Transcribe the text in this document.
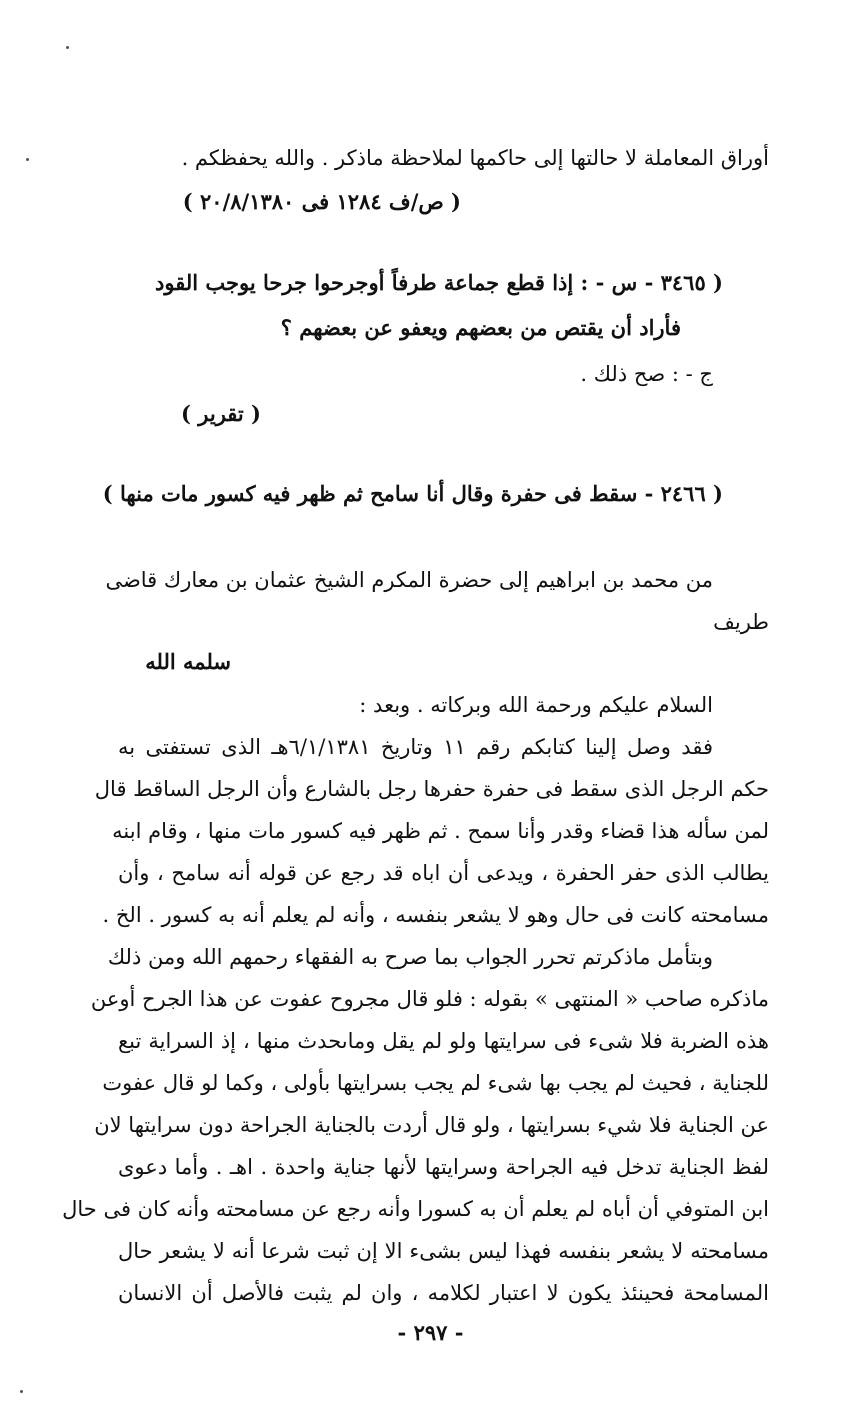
أوراق المعاملة لا حالتها إلى حاكمها لملاحظة ماذكر . والله يحفظكم .
( ص/ف ١٢٨٤ فى ٢٠/٨/١٣٨٠ )
( ٣٤٦٥ - س - : إذا قطع جماعة طرفاً أوجرحوا جرحا يوجب القود
فأراد أن يقتص من بعضهم ويعفو عن بعضهم ؟
ج - : صح ذلك .
( تقرير )
( ٢٤٦٦ - سقط فى حفرة وقال أنا سامح ثم ظهر فيه كسور مات منها )
من محمد بن ابراهيم إلى حضرة المكرم الشيخ عثمان بن معارك قاضى
طريف
سلمه الله
السلام عليكم ورحمة الله وبركاته . وبعد :
فقد وصل إلينا كتابكم رقم ١١ وتاريخ ٦/١/١٣٨١هـ الذى تستفتى به
حكم الرجل الذى سقط فى حفرة حفرها رجل بالشارع وأن الرجل الساقط قال
لمن سأله هذا قضاء وقدر وأنا سمح . ثم ظهر فيه كسور مات منها ، وقام ابنه
يطالب الذى حفر الحفرة ، ويدعى أن اباه قد رجع عن قوله أنه سامح ، وأن
مسامحته كانت فى حال وهو لا يشعر بنفسه ، وأنه لم يعلم أنه به كسور . الخ .
وبتأمل ماذكرتم تحرر الجواب بما صرح به الفقهاء رحمهم الله ومن ذلك
ماذكره صاحب « المنتهى » بقوله : فلو قال مجروح عفوت عن هذا الجرح أوعن
هذه الضربة فلا شىء فى سرايتها ولو لم يقل وماىحدث منها ، إذ السراية تبع
للجناية ، فحيث لم يجب بها شىء لم يجب بسرايتها بأولى ، وكما لو قال عفوت
عن الجناية فلا شيء بسرايتها ، ولو قال أردت بالجناية الجراحة دون سرايتها لان
لفظ الجناية تدخل فيه الجراحة وسرايتها لأنها جناية واحدة . اهـ . وأما دعوى
ابن المتوفي أن أباه لم يعلم أن به كسورا وأنه رجع عن مسامحته وأنه كان فى حال
مسامحته لا يشعر بنفسه فهذا ليس بشىء الا إن ثبت شرعا أنه لا يشعر حال
المسامحة فحينئذ يكون لا اعتبار لكلامه ، وان لم يثبت فالأصل أن الانسان
- ٢٩٧ -
